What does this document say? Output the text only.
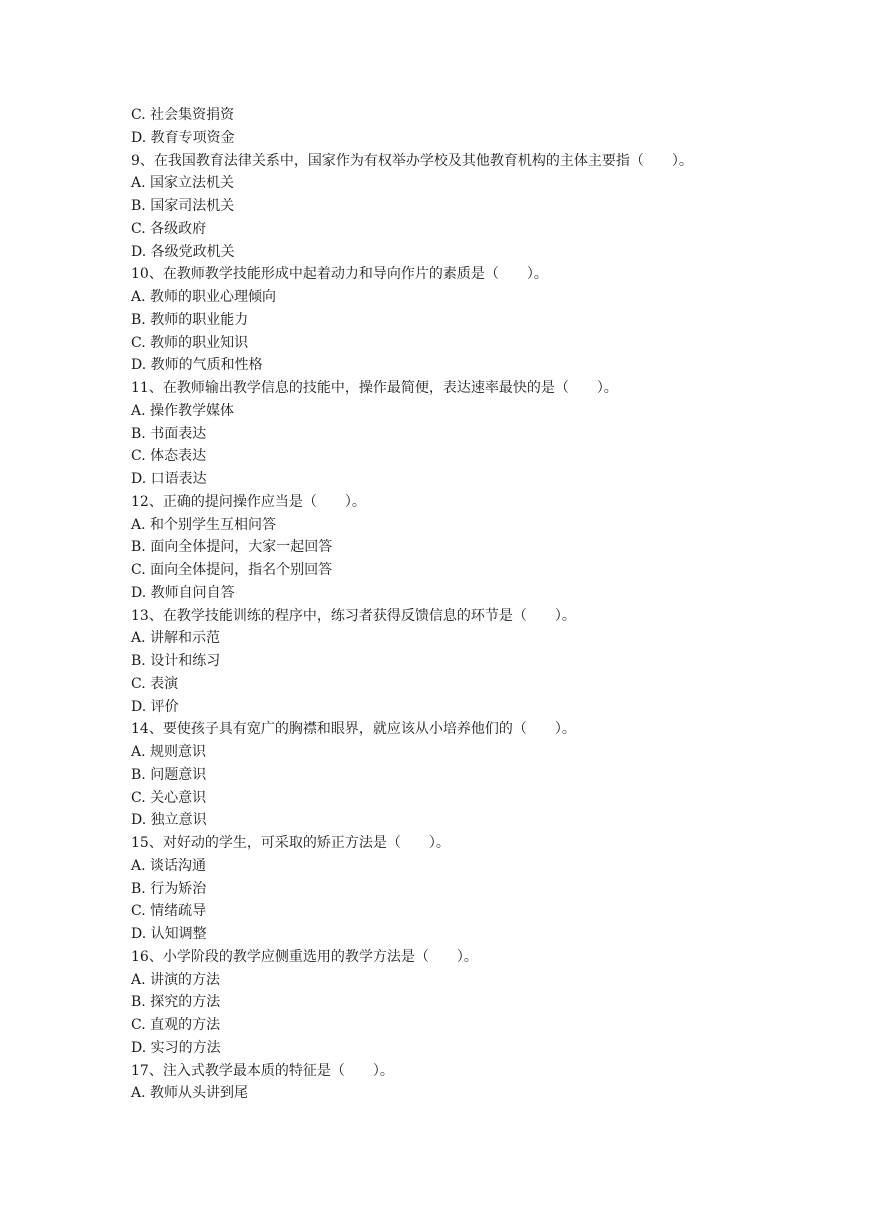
C. 社会集资捐资
D. 教育专项资金
9、在我国教育法律关系中，国家作为有权举办学校及其他教育机构的主体主要指（　　）。
A. 国家立法机关
B. 国家司法机关
C. 各级政府
D. 各级党政机关
10、在教师教学技能形成中起着动力和导向作片的素质是（　　）。
A. 教师的职业心理倾向
B. 教师的职业能力
C. 教师的职业知识
D. 教师的气质和性格
11、在教师输出教学信息的技能中，操作最简便，表达速率最快的是（　　）。
A. 操作教学媒体
B. 书面表达
C. 体态表达
D. 口语表达
12、正确的提问操作应当是（　　）。
A. 和个别学生互相问答
B. 面向全体提问，大家一起回答
C. 面向全体提问，指名个别回答
D. 教师自问自答
13、在教学技能训练的程序中，练习者获得反馈信息的环节是（　　）。
A. 讲解和示范
B. 设计和练习
C. 表演
D. 评价
14、要使孩子具有宽广的胸襟和眼界，就应该从小培养他们的（　　）。
A. 规则意识
B. 问题意识
C. 关心意识
D. 独立意识
15、对好动的学生，可采取的矫正方法是（　　）。
A. 谈话沟通
B. 行为矫治
C. 情绪疏导
D. 认知调整
16、小学阶段的教学应侧重选用的教学方法是（　　）。
A. 讲演的方法
B. 探究的方法
C. 直观的方法
D. 实习的方法
17、注入式教学最本质的特征是（　　）。
A. 教师从头讲到尾
